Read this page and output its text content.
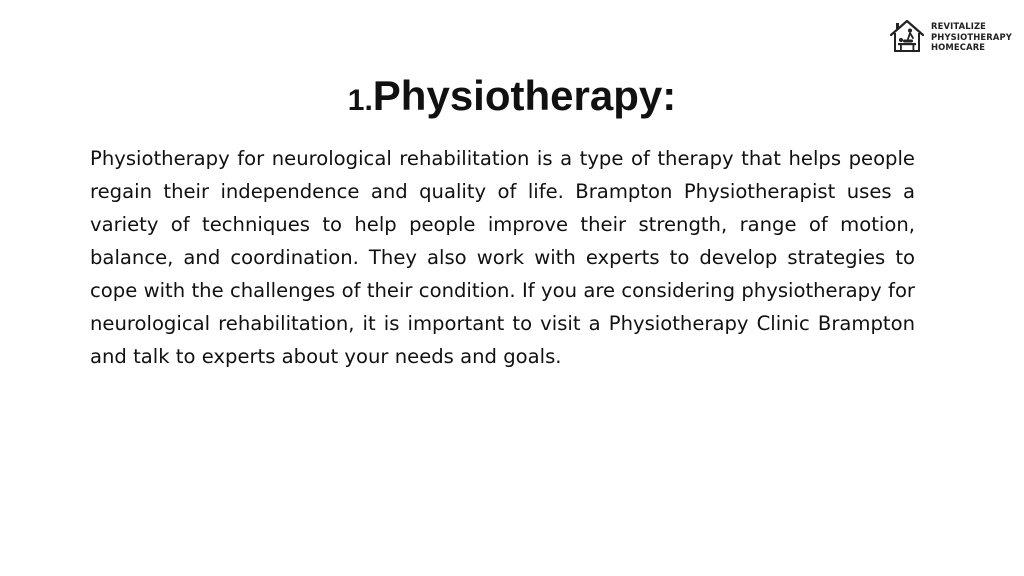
REVITALIZE
PHYSIOTHERAPY
HOMECARE
1.Physiotherapy:

Physiotherapy for neurological rehabilitation is a type of therapy that helps people regain their independence and quality of life. Brampton Physiotherapist uses a variety of techniques to help people improve their strength, range of motion, balance, and coordination. They also work with experts to develop strategies to cope with the challenges of their condition. If you are considering physiotherapy for neurological rehabilitation, it is important to visit a Physiotherapy Clinic Brampton and talk to experts about your needs and goals.
